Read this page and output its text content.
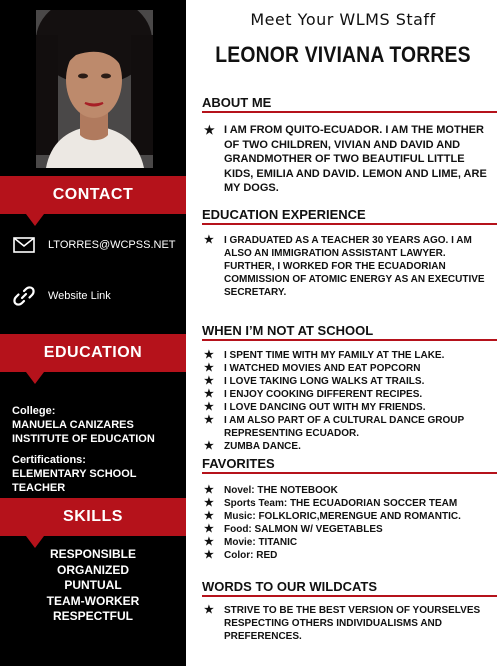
CONTACT
LTORRES@WCPSS.NET
Website Link
EDUCATION
College:
MANUELA CANIZARES
INSTITUTE OF EDUCATION
Certifications:
ELEMENTARY SCHOOL
TEACHER
SKILLS
RESPONSIBLE
ORGANIZED
PUNTUAL
TEAM-WORKER
RESPECTFUL
Meet Your WLMS Staff
LEONOR VIVIANA TORRES
ABOUT ME
★ I AM FROM QUITO-ECUADOR. I AM THE MOTHER OF TWO CHILDREN, VIVIAN AND DAVID AND GRANDMOTHER OF TWO BEAUTIFUL LITTLE KIDS, EMILIA AND DAVID. LEMON AND LIME, ARE MY DOGS.
EDUCATION EXPERIENCE
★	I GRADUATED AS A TEACHER 30 YEARS AGO. I AM ALSO AN IMMIGRATION ASSISTANT LAWYER. FURTHER, I WORKED FOR THE ECUADORIAN COMMISSION OF ATOMIC ENERGY AS AN EXECUTIVE SECRETARY.
WHEN I’M NOT AT SCHOOL
★	I SPENT TIME WITH MY FAMILY AT THE LAKE.
★	I WATCHED MOVIES AND EAT POPCORN
★	I LOVE TAKING LONG WALKS AT TRAILS.
★	I ENJOY COOKING DIFFERENT RECIPES.
★	I LOVE DANCING OUT WITH MY FRIENDS.
★	I AM ALSO PART OF A CULTURAL DANCE GROUP REPRESENTING ECUADOR.
★	ZUMBA DANCE.
FAVORITES
★	Novel: THE NOTEBOOK
★	Sports Team: THE ECUADORIAN SOCCER TEAM
★	Music: FOLKLORIC,MERENGUE AND ROMANTIC.
★	Food: SALMON W/ VEGETABLES
★	Movie: TITANIC
★	Color: RED
WORDS TO OUR WILDCATS
★	STRIVE TO BE THE BEST VERSION OF YOURSELVES RESPECTING OTHERS INDIVIDUALISMS AND PREFERENCES.
